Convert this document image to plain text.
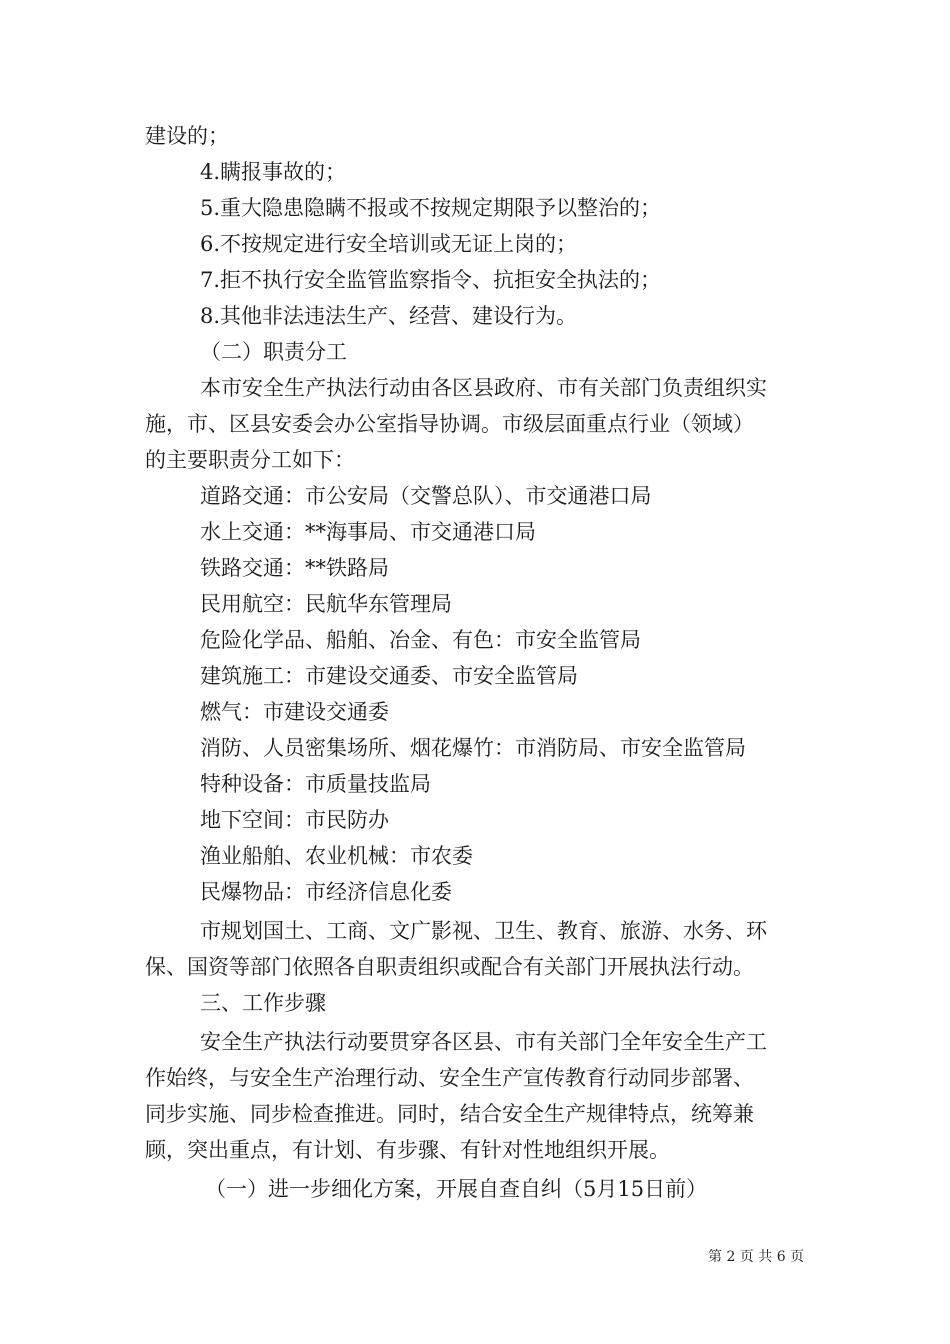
建设的；
4.瞒报事故的；
5.重大隐患隐瞒不报或不按规定期限予以整治的；
6.不按规定进行安全培训或无证上岗的；
7.拒不执行安全监管监察指令、抗拒安全执法的；
8.其他非法违法生产、经营、建设行为。
（二）职责分工
本市安全生产执法行动由各区县政府、市有关部门负责组织实
施，市、区县安委会办公室指导协调。市级层面重点行业（领域）
的主要职责分工如下：
道路交通：市公安局（交警总队）、市交通港口局
水上交通：**海事局、市交通港口局
铁路交通：**铁路局
民用航空：民航华东管理局
危险化学品、船舶、冶金、有色：市安全监管局
建筑施工：市建设交通委、市安全监管局
燃气：市建设交通委
消防、人员密集场所、烟花爆竹：市消防局、市安全监管局
特种设备：市质量技监局
地下空间：市民防办
渔业船舶、农业机械：市农委
民爆物品：市经济信息化委
市规划国土、工商、文广影视、卫生、教育、旅游、水务、环
保、国资等部门依照各自职责组织或配合有关部门开展执法行动。
三、工作步骤
安全生产执法行动要贯穿各区县、市有关部门全年安全生产工
作始终，与安全生产治理行动、安全生产宣传教育行动同步部署、
同步实施、同步检查推进。同时，结合安全生产规律特点，统筹兼
顾，突出重点，有计划、有步骤、有针对性地组织开展。
（一）进一步细化方案，开展自查自纠（5月15日前）
第 2 页 共 6 页
